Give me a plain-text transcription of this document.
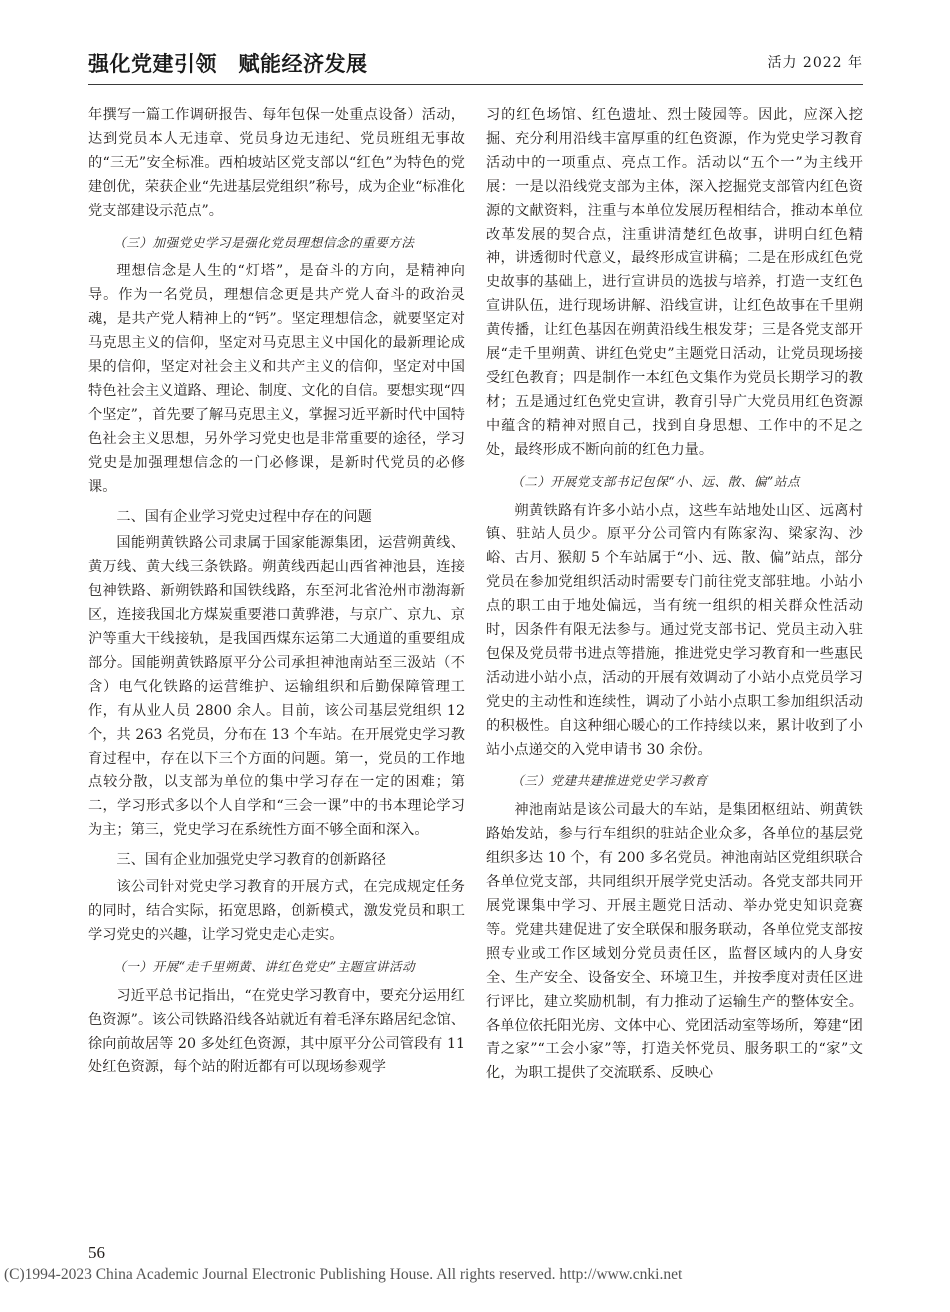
强化党建引领　赋能经济发展	活力 2022 年

年撰写一篇工作调研报告、每年包保一处重点设备）活动，达到党员本人无违章、党员身边无违纪、党员班组无事故的“三无”安全标准。西柏坡站区党支部以“红色”为特色的党建创优，荣获企业“先进基层党组织”称号，成为企业“标准化党支部建设示范点”。

（三）加强党史学习是强化党员理想信念的重要方法

理想信念是人生的“灯塔”，是奋斗的方向，是精神向导。作为一名党员，理想信念更是共产党人奋斗的政治灵魂，是共产党人精神上的“钙”。坚定理想信念，就要坚定对马克思主义的信仰，坚定对马克思主义中国化的最新理论成果的信仰，坚定对社会主义和共产主义的信仰，坚定对中国特色社会主义道路、理论、制度、文化的自信。要想实现“四个坚定”，首先要了解马克思主义，掌握习近平新时代中国特色社会主义思想，另外学习党史也是非常重要的途径，学习党史是加强理想信念的一门必修课，是新时代党员的必修课。

二、国有企业学习党史过程中存在的问题

国能朔黄铁路公司隶属于国家能源集团，运营朔黄线、黄万线、黄大线三条铁路。朔黄线西起山西省神池县，连接包神铁路、新朔铁路和国铁线路，东至河北省沧州市渤海新区，连接我国北方煤炭重要港口黄骅港，与京广、京九、京沪等重大干线接轨，是我国西煤东运第二大通道的重要组成部分。国能朔黄铁路原平分公司承担神池南站至三汲站（不含）电气化铁路的运营维护、运输组织和后勤保障管理工作，有从业人员 2800 余人。目前，该公司基层党组织 12 个，共 263 名党员，分布在 13 个车站。在开展党史学习教育过程中，存在以下三个方面的问题。第一，党员的工作地点较分散，以支部为单位的集中学习存在一定的困难；第二，学习形式多以个人自学和“三会一课”中的书本理论学习为主；第三，党史学习在系统性方面不够全面和深入。

三、国有企业加强党史学习教育的创新路径

该公司针对党史学习教育的开展方式，在完成规定任务的同时，结合实际，拓宽思路，创新模式，激发党员和职工学习党史的兴趣，让学习党史走心走实。

（一）开展“走千里朔黄、讲红色党史”主题宣讲活动

习近平总书记指出，“在党史学习教育中，要充分运用红色资源”。该公司铁路沿线各站就近有着毛泽东路居纪念馆、徐向前故居等 20 多处红色资源，其中原平分公司管段有 11 处红色资源，每个站的附近都有可以现场参观学

习的红色场馆、红色遗址、烈士陵园等。因此，应深入挖掘、充分利用沿线丰富厚重的红色资源，作为党史学习教育活动中的一项重点、亮点工作。活动以“五个一”为主线开展：一是以沿线党支部为主体，深入挖掘党支部管内红色资源的文献资料，注重与本单位发展历程相结合，推动本单位改革发展的契合点，注重讲清楚红色故事，讲明白红色精神，讲透彻时代意义，最终形成宣讲稿；二是在形成红色党史故事的基础上，进行宣讲员的选拔与培养，打造一支红色宣讲队伍，进行现场讲解、沿线宣讲，让红色故事在千里朔黄传播，让红色基因在朔黄沿线生根发芽；三是各党支部开展“走千里朔黄、讲红色党史”主题党日活动，让党员现场接受红色教育；四是制作一本红色文集作为党员长期学习的教材；五是通过红色党史宣讲，教育引导广大党员用红色资源中蕴含的精神对照自己，找到自身思想、工作中的不足之处，最终形成不断向前的红色力量。

（二）开展党支部书记包保“小、远、散、偏”站点

朔黄铁路有许多小站小点，这些车站地处山区、远离村镇、驻站人员少。原平分公司管内有陈家沟、梁家沟、沙峪、古月、猴舠 5 个车站属于“小、远、散、偏”站点，部分党员在参加党组织活动时需要专门前往党支部驻地。小站小点的职工由于地处偏远，当有统一组织的相关群众性活动时，因条件有限无法参与。通过党支部书记、党员主动入驻包保及党员带书进点等措施，推进党史学习教育和一些惠民活动进小站小点，活动的开展有效调动了小站小点党员学习党史的主动性和连续性，调动了小站小点职工参加组织活动的积极性。自这种细心暖心的工作持续以来，累计收到了小站小点递交的入党申请书 30 余份。

（三）党建共建推进党史学习教育

神池南站是该公司最大的车站，是集团枢纽站、朔黄铁路始发站，参与行车组织的驻站企业众多，各单位的基层党组织多达 10 个，有 200 多名党员。神池南站区党组织联合各单位党支部，共同组织开展学党史活动。各党支部共同开展党课集中学习、开展主题党日活动、举办党史知识竞赛等。党建共建促进了安全联保和服务联动，各单位党支部按照专业或工作区域划分党员责任区，监督区域内的人身安全、生产安全、设备安全、环境卫生，并按季度对责任区进行评比，建立奖励机制，有力推动了运输生产的整体安全。各单位依托阳光房、文体中心、党团活动室等场所，筹建“团青之家”“工会小家”等，打造关怀党员、服务职工的“家”文化，为职工提供了交流联系、反映心

56
(C)1994-2023 China Academic Journal Electronic Publishing House. All rights reserved. http://www.cnki.net
